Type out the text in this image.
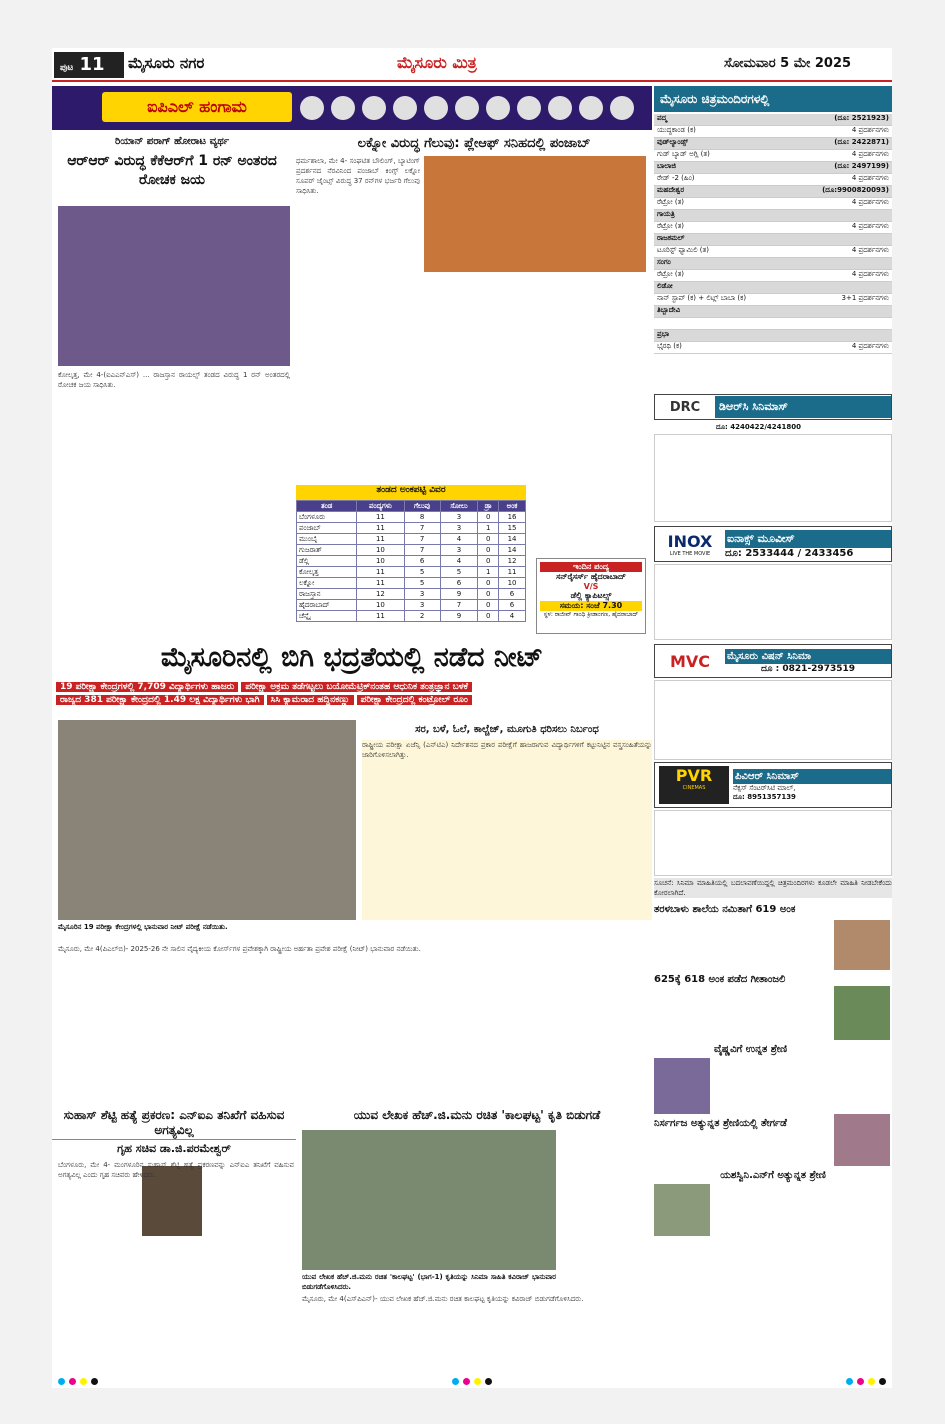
ಪುಟ 11	ಮೈಸೂರು ನಗರ	ಮೈಸೂರು ಮಿತ್ರ	ಸೋಮವಾರ 5 ಮೇ 2025
ಐಪಿಎಲ್ ಹಂಗಾಮ
ರಿಯಾನ್ ಪರಾಗ್ ಹೋರಾಟ ವ್ಯರ್ಥ
ಆರ್‌ಆರ್ ವಿರುದ್ಧ ಕೆಕೆಆರ್‌ಗೆ 1 ರನ್ ಅಂತರದ ರೋಚಕ ಜಯ
ಕೋಲ್ಕತ್ತ, ಮೇ 4-(ಐಎಎನ್‌ಎಸ್) ... ರಾಜಸ್ತಾನ ರಾಯಲ್ಸ್ ತಂಡದ ವಿರುದ್ಧ 1 ರನ್ ಅಂತರದಲ್ಲಿ ರೋಚಕ ಜಯ ಸಾಧಿಸಿತು.
ಲಕ್ನೋ ವಿರುದ್ಧ ಗೆಲುವು: ಪ್ಲೇಆಫ್ ಸನಿಹದಲ್ಲಿ ಪಂಜಾಬ್
ಧರ್ಮಶಾಲಾ, ಮೇ 4- ಸಂಘಟಿತ ಬೌಲಿಂಗ್, ಬ್ಯಾಟಿಂಗ್ ಪ್ರದರ್ಶನದ ನೆರವಿನಿಂದ ಪಂಜಾಬ್ ಕಿಂಗ್ಸ್ ಲಕ್ನೋ ಸೂಪರ್ ಜೈಂಟ್ಸ್ ವಿರುದ್ಧ 37 ರನ್‌ಗಳ ಭರ್ಜರಿ ಗೆಲುವು ಸಾಧಿಸಿತು.
ತಂಡದ ಅಂಕಪಟ್ಟಿ ವಿವರ
ತಂಡ	ಪಂದ್ಯಗಳು	ಗೆಲುವು	ಸೋಲು	ಡ್ರಾ	ಅಂಕ
ಬೆಂಗಳೂರು	11	8	3	0	16
ಪಂಜಾಬ್	11	7	3	1	15
ಮುಂಬೈ	11	7	4	0	14
ಗುಜರಾತ್	10	7	3	0	14
ಡೆಲ್ಲಿ	10	6	4	0	12
ಕೋಲ್ಕತ್ತ	11	5	5	1	11
ಲಕ್ನೋ	11	5	6	0	10
ರಾಜಸ್ತಾನ	12	3	9	0	6
ಹೈದರಾಬಾದ್	10	3	7	0	6
ಚೆನ್ನೈ	11	2	9	0	4
ಇಂದಿನ ಪಂದ್ಯ
ಸನ್‌ರೈಸರ್ಸ್ ಹೈದರಾಬಾದ್
V/S
ಡೆಲ್ಲಿ ಕ್ಯಾಪಿಟಲ್ಸ್
ಸಮಯ: ಸಂಜೆ 7.30
ಸ್ಥಳ: ರಾಜೀವ್ ಗಾಂಧಿ ಕ್ರೀಡಾಂಗಣ, ಹೈದರಾಬಾದ್
ಮೈಸೂರಿನಲ್ಲಿ ಬಿಗಿ ಭದ್ರತೆಯಲ್ಲಿ ನಡೆದ ನೀಟ್
19 ಪರೀಕ್ಷಾ ಕೇಂದ್ರಗಳಲ್ಲಿ 7,709 ವಿದ್ಯಾರ್ಥಿಗಳು ಹಾಜರು	ಪರೀಕ್ಷಾ ಅಕ್ರಮ ತಡೆಗಟ್ಟಲು ಬಯೋಮೆಟ್ರಿಕ್‌ನಂತಹ ಆಧುನಿಕ ತಂತ್ರಜ್ಞಾನ ಬಳಕೆ
ರಾಜ್ಯದ 381 ಪರೀಕ್ಷಾ ಕೇಂದ್ರದಲ್ಲಿ 1.49 ಲಕ್ಷ ವಿದ್ಯಾರ್ಥಿಗಳು ಭಾಗಿ	ಸಿಸಿ ಕ್ಯಾಮರಾದ ಹದ್ದಿನಕಣ್ಣು	ಪರೀಕ್ಷಾ ಕೇಂದ್ರದಲ್ಲಿ ಕಂಟ್ರೋಲ್ ರೂಂ
ಸರ, ಬಳೆ, ಓಲೆ, ಕಾಲ್ಚೆಜ್, ಮೂಗುತಿ ಧರಿಸಲು ನಿರ್ಬಂಧ
ರಾಷ್ಟ್ರೀಯ ಪರೀಕ್ಷಾ ಏಜೆನ್ಸಿ (ಎನ್‌ಟಿಎ) ನಿರ್ದೇಶನದ ಪ್ರಕಾರ ಪರೀಕ್ಷೆಗೆ ಹಾಜರಾಗುವ ವಿದ್ಯಾರ್ಥಿಗಳಿಗೆ ಕಟ್ಟುನಿಟ್ಟಿನ ವಸ್ತ್ರಸಂಹಿತೆಯನ್ನು ಜಾರಿಗೊಳಿಸಲಾಗಿತ್ತು.
ಮೈಸೂರಿನ 19 ಪರೀಕ್ಷಾ ಕೇಂದ್ರಗಳಲ್ಲಿ ಭಾನುವಾರ ನೀಟ್ ಪರೀಕ್ಷೆ ನಡೆಯಿತು.
ಮೈಸೂರು, ಮೇ 4(ಪಿಎಲ್‌ಬಿ)- 2025-26 ನೇ ಸಾಲಿನ ವೈದ್ಯಕೀಯ ಕೋರ್ಸ್‌ಗಳ ಪ್ರವೇಶಕ್ಕಾಗಿ ರಾಷ್ಟ್ರೀಯ ಅರ್ಹತಾ ಪ್ರವೇಶ ಪರೀಕ್ಷೆ (ನೀಟ್) ಭಾನುವಾರ ನಡೆಯಿತು.
ಸುಹಾಸ್ ಶೆಟ್ಟಿ ಹತ್ಯೆ ಪ್ರಕರಣ: ಎನ್‌ಐಎ ತನಿಖೆಗೆ ವಹಿಸುವ ಅಗತ್ಯವಿಲ್ಲ
ಗೃಹ ಸಚಿವ ಡಾ.ಜಿ.ಪರಮೇಶ್ವರ್
ಬೆಂಗಳೂರು, ಮೇ 4- ಮಂಗಳೂರಿನ ಸುಹಾಸ್ ಶೆಟ್ಟಿ ಹತ್ಯೆ ಪ್ರಕರಣವನ್ನು ಎನ್‌ಐಎ ತನಿಖೆಗೆ ವಹಿಸುವ ಅಗತ್ಯವಿಲ್ಲ ಎಂದು ಗೃಹ ಸಚಿವರು ಹೇಳಿದರು.
ಯುವ ಲೇಖಕ ಹೆಚ್.ಜಿ.ಮನು ರಚಿತ 'ಕಾಲಘಟ್ಟ' ಕೃತಿ ಬಿಡುಗಡೆ
ಯುವ ಲೇಖಕ ಹೆಚ್.ಜಿ.ಮನು ರಚಿತ 'ಕಾಲಘಟ್ಟ' (ಭಾಗ-1) ಕೃತಿಯನ್ನು ಸಿನಿಮಾ ಸಾಹಿತಿ ಕವಿರಾಜ್ ಭಾನುವಾರ ಬಿಡುಗಡೆಗೊಳಿಸಿದರು.
ಮೈಸೂರು, ಮೇ 4(ಎಸ್‌ಪಿಎನ್)- ಯುವ ಲೇಖಕ ಹೆಚ್.ಜಿ.ಮನು ರಚಿತ ಕಾಲಘಟ್ಟ ಕೃತಿಯನ್ನು ಕವಿರಾಜ್ ಬಿಡುಗಡೆಗೊಳಿಸಿದರು.
ಮೈಸೂರು ಚಿತ್ರಮಂದಿರಗಳಲ್ಲಿ
ಪದ್ಮ	(ದೂ: 2521923)
ಯುದ್ಧಕಾಂಡ (ಕ)	4 ಪ್ರದರ್ಶನಗಳು
ವುಡ್‌ಲ್ಯಾಂಡ್ಸ್	(ದೂ: 2422871)
ಗುಡ್ ಬ್ಯಾಡ್ ಅಗ್ಲಿ (ತ)	4 ಪ್ರದರ್ಶನಗಳು
ಬಾಲಾಜಿ	(ದೂ: 2497199)
ರೇಡ್ -2 (ಹಿಂ)	4 ಪ್ರದರ್ಶನಗಳು
ಮಹದೇಶ್ವರ	(ದೂ:9900820093)
ರೆಟ್ರೋ (ತ)	4 ಪ್ರದರ್ಶನಗಳು
ಗಾಯತ್ರಿ
ರೆಟ್ರೋ (ತ)	4 ಪ್ರದರ್ಶನಗಳು
ರಾಜಕಮಲ್
ಟೂರಿಸ್ಟ್ ಫ್ಯಾಮಿಲಿ (ತ)	4 ಪ್ರದರ್ಶನಗಳು
ಸಂಗಂ
ರೆಟ್ರೋ (ತ)	4 ಪ್ರದರ್ಶನಗಳು
ಲಿಡೋ
ನಾನ್ ಸ್ಟಾಪ್ (ಕ) + ಲಿಟ್ಲ್ ಬಾಬಾ (ಕ)	3+1 ಪ್ರದರ್ಶನಗಳು
ತಿಬ್ಬಾದೇವಿ
ಪ್ರಭಾ
ಭೈರಥಿ (ಕ)	4 ಪ್ರದರ್ಶನಗಳು
DRC	ಡಿಆರ್‌ಸಿ ಸಿನಿಮಾಸ್
ದೂ: 4240422/4241800
INOX
LIVE THE MOVIE
ಐನಾಕ್ಸ್ ಮೂವೀಸ್
ದೂ: 2533444 / 2433456
MVC	ಮೈಸೂರು ವಿಷನ್ ಸಿನಿಮಾ
ದೂ : 0821-2973519
PVR
CINEMAS
ಪಿವಿಆರ್ ಸಿನಿಮಾಸ್
ನೆಕ್ಸಸ್ ಸೆಂಟರ್‌ಸಿಟಿ ಮಾಲ್,
ದೂ: 8951357139
ಸೂಚನೆ: ಸಿನಿಮಾ ಮಾಹಿತಿಯಲ್ಲಿ ಬದಲಾವಣೆಯಿದ್ದಲ್ಲಿ ಚಿತ್ರಮಂದಿರಗಳು ಕೂಡಲೇ ಮಾಹಿತಿ ನೀಡಬೇಕೆಂದು ಕೋರಲಾಗಿದೆ.
ತರಳಬಾಳು ಶಾಲೆಯ ನಮಿತಾಗೆ 619 ಅಂಕ
625ಕ್ಕೆ 618 ಅಂಕ ಪಡೆದ ಗೀತಾಂಜಲಿ
ವೈಷ್ಣವಿಗೆ ಉನ್ನತ ಶ್ರೇಣಿ
ನಿರ್ಸರ್ಗಜ ಅತ್ಯುನ್ನತ ಶ್ರೇಣಿಯಲ್ಲಿ ತೇರ್ಗಡೆ
ಯಶಸ್ವಿನಿ.ಎನ್‌ಗೆ ಅತ್ಯುನ್ನತ ಶ್ರೇಣಿ
